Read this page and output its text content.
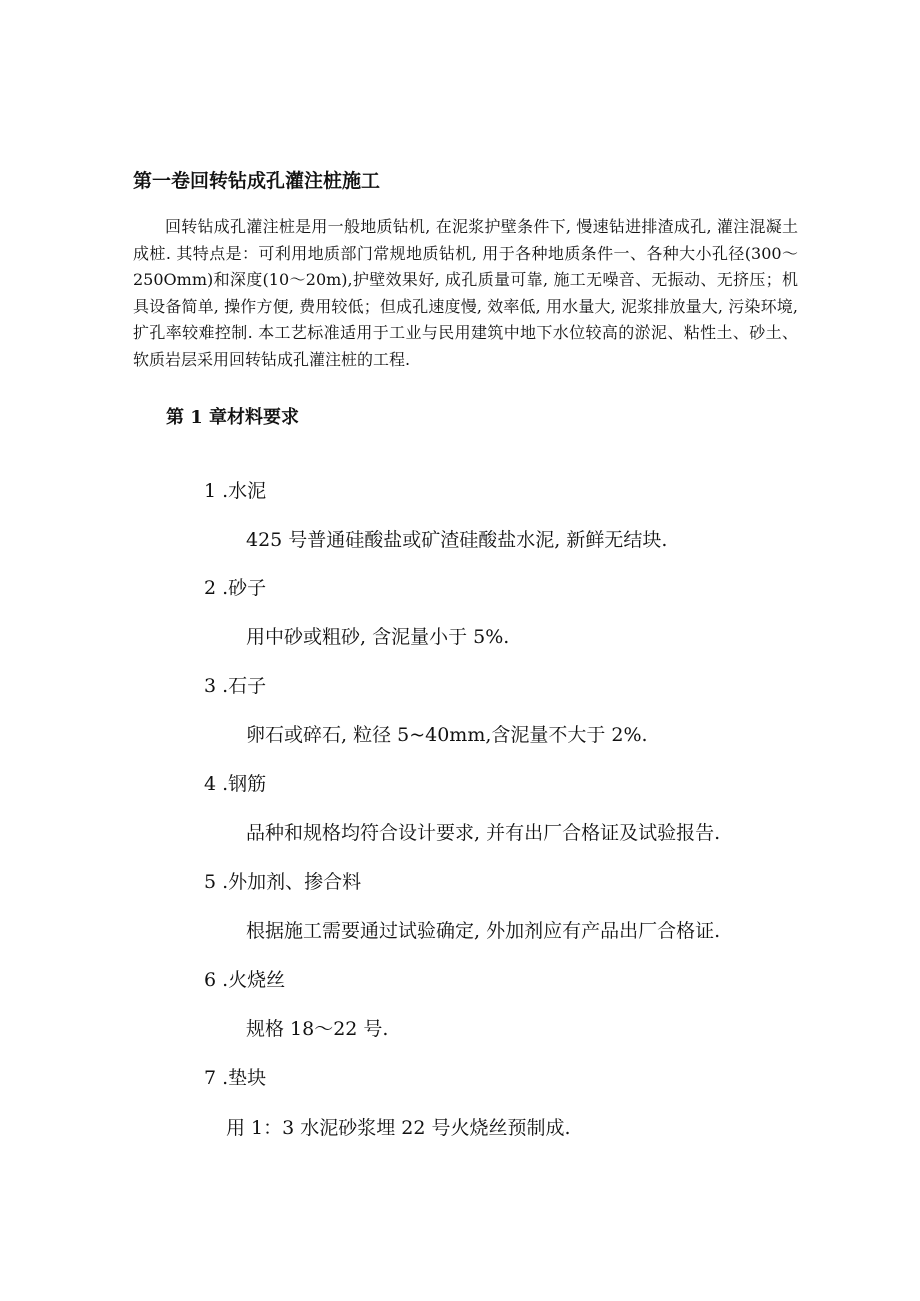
第一卷回转钻成孔灌注桩施工

回转钻成孔灌注桩是用一般地质钻机, 在泥浆护壁条件下, 慢速钻进排渣成孔, 灌注混凝土成桩. 其特点是：可利用地质部门常规地质钻机, 用于各种地质条件一、各种大小孔径(300～250Omm)和深度(10～20m),护壁效果好, 成孔质量可靠, 施工无噪音、无振动、无挤压；机具设备简单, 操作方便, 费用较低；但成孔速度慢, 效率低, 用水量大, 泥浆排放量大, 污染环境, 扩孔率较难控制. 本工艺标准适用于工业与民用建筑中地下水位较高的淤泥、粘性土、砂土、软质岩层采用回转钻成孔灌注桩的工程.

第 1 章材料要求
1 .水泥
425 号普通硅酸盐或矿渣硅酸盐水泥, 新鲜无结块.
2 .砂子
用中砂或粗砂, 含泥量小于 5%.
3 .石子
卵石或碎石, 粒径 5~40mm,含泥量不大于 2%.
4 .钢筋
品种和规格均符合设计要求, 并有出厂合格证及试验报告.
5 .外加剂、掺合料
根据施工需要通过试验确定, 外加剂应有产品出厂合格证.
6 .火烧丝
规格 18～22 号.
7 .垫块
用 1：3 水泥砂浆埋 22 号火烧丝预制成.
